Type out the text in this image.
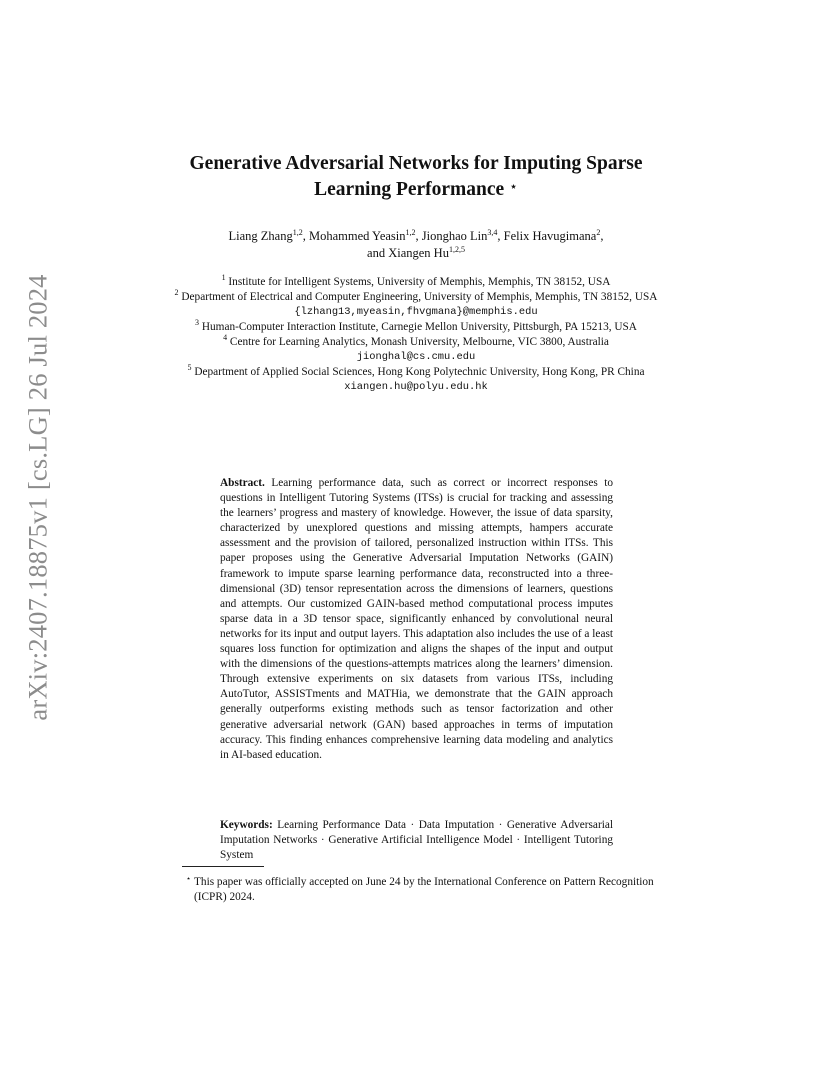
arXiv:2407.18875v1 [cs.LG] 26 Jul 2024
Generative Adversarial Networks for Imputing Sparse Learning Performance ⋆
Liang Zhang$^{1,2}$, Mohammed Yeasin$^{1,2}$, Jionghao Lin$^{3,4}$, Felix Havugimana$^2$,
and Xiangen Hu$^{1,2,5}$

$^1$ Institute for Intelligent Systems, University of Memphis, Memphis, TN 38152, USA

$^2$ Department of Electrical and Computer Engineering, University of Memphis, Memphis, TN 38152, USA

{lzhang13,myeasin,fhvgmana}@memphis.edu

$^3$ Human-Computer Interaction Institute, Carnegie Mellon University, Pittsburgh, PA 15213, USA

$^4$ Centre for Learning Analytics, Monash University, Melbourne, VIC 3800, Australia

jionghal@cs.cmu.edu

$^5$ Department of Applied Social Sciences, Hong Kong Polytechnic University, Hong Kong, PR China

xiangen.hu@polyu.edu.hk

Abstract. Learning performance data, such as correct or incorrect responses to questions in Intelligent Tutoring Systems (ITSs) is crucial for tracking and assessing the learners’ progress and mastery of knowledge. However, the issue of data sparsity, characterized by unexplored questions and missing attempts, hampers accurate assessment and the provision of tailored, personalized instruction within ITSs. This paper proposes using the Generative Adversarial Imputation Networks (GAIN) framework to impute sparse learning performance data, reconstructed into a three-dimensional (3D) tensor representation across the dimensions of learners, questions and attempts. Our customized GAIN-based method computational process imputes sparse data in a 3D tensor space, significantly enhanced by convolutional neural networks for its input and output layers. This adaptation also includes the use of a least squares loss function for optimization and aligns the shapes of the input and output with the dimensions of the questions-attempts matrices along the learners’ dimension. Through extensive experiments on six datasets from various ITSs, including AutoTutor, ASSISTments and MATHia, we demonstrate that the GAIN approach generally outperforms existing methods such as tensor factorization and other generative adversarial network (GAN) based approaches in terms of imputation accuracy. This finding enhances comprehensive learning data modeling and analytics in AI-based education.

Keywords: Learning Performance Data · Data Imputation · Generative Adversarial Imputation Networks · Generative Artificial Intelligence Model · Intelligent Tutoring System

⋆ This paper was officially accepted on June 24 by the International Conference on Pattern Recognition (ICPR) 2024.
